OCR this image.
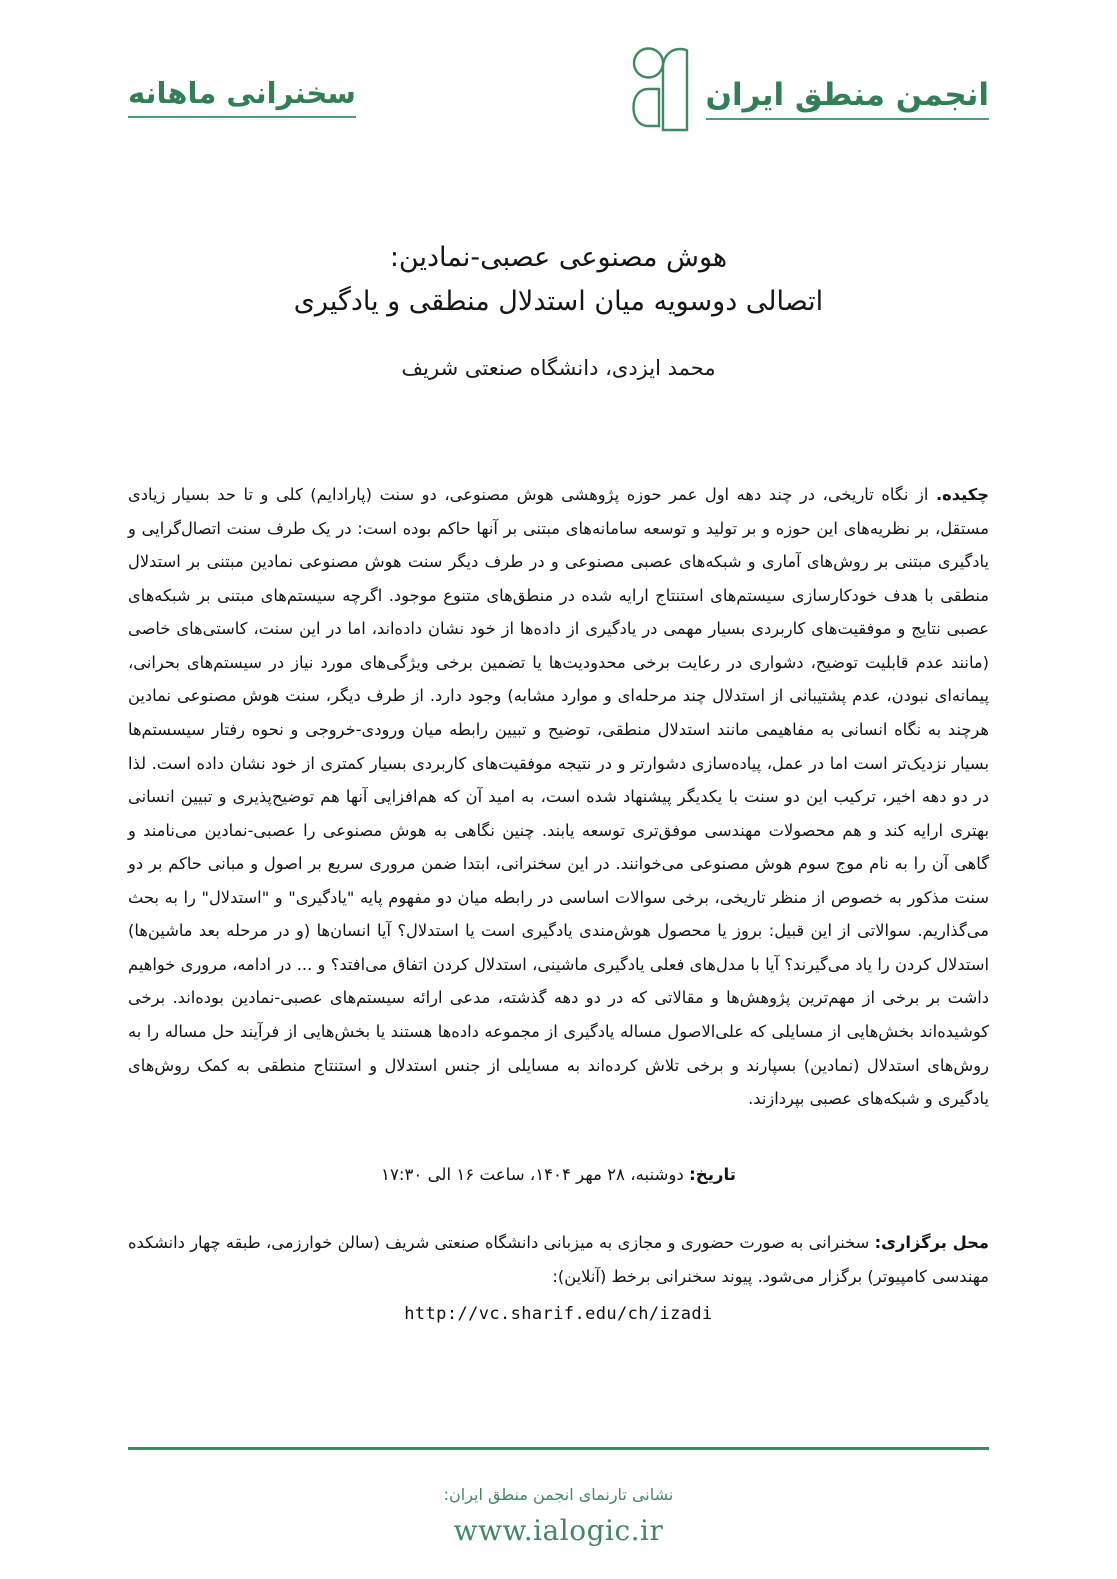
انجمن منطق ایران
سخنرانی ماهانه
هوش مصنوعی عصبی-نمادین:
اتصالی دوسویه میان استدلال منطقی و یادگیری
محمد ایزدی، دانشگاه صنعتی شریف
چکیده. از نگاه تاریخی، در چند دهه اول عمر حوزه پژوهشی هوش مصنوعی، دو سنت (پارادایم) کلی و تا حد بسیار زیادی مستقل، بر نظریه‌های این حوزه و بر تولید و توسعه سامانه‌های مبتنی بر آنها حاکم بوده است: در یک طرف سنت اتصال‌گرایی و یادگیری مبتنی بر روش‌های آماری و شبکه‌های عصبی مصنوعی و در طرف دیگر سنت هوش مصنوعی نمادین مبتنی بر استدلال منطقی با هدف خودکارسازی سیستم‌های استنتاج ارایه شده در منطق‌های متنوع موجود. اگرچه سیستم‌های مبتنی بر شبکه‌های عصبی نتایج و موفقیت‌های کاربردی بسیار مهمی در یادگیری از داده‌ها از خود نشان داده‌اند، اما در این سنت، کاستی‌های خاصی (مانند عدم قابلیت توضیح، دشواری در رعایت برخی محدودیت‌ها یا تضمین برخی ویژگی‌های مورد نیاز در سیستم‌های بحرانی، پیمانه‌ای نبودن، عدم پشتیبانی از استدلال چند مرحله‌ای و موارد مشابه) وجود دارد. از طرف دیگر، سنت هوش مصنوعی نمادین هرچند به نگاه انسانی به مفاهیمی مانند استدلال منطقی، توضیح و تبیین رابطه میان ورودی-خروجی و نحوه رفتار سیسستم‌ها بسیار نزدیک‌تر است اما در عمل، پیاده‌سازی دشوارتر و در نتیجه موفقیت‌های کاربردی بسیار کمتری از خود نشان داده است. لذا در دو دهه اخیر، ترکیب این دو سنت با یکدیگر پیشنهاد شده است، به امید آن که هم‌افزایی آنها هم توضیح‌پذیری و تبیین انسانی بهتری ارایه کند و هم محصولات مهندسی موفق‌تری توسعه یابند. چنین نگاهی به هوش مصنوعی را عصبی-نمادین می‌نامند و گاهی آن را به نام موج سوم هوش مصنوعی می‌خوانند. در این سخنرانی، ابتدا ضمن مروری سریع بر اصول و مبانی حاکم بر دو سنت مذکور به خصوص از منظر تاریخی، برخی سوالات اساسی در رابطه میان دو مفهوم پایه "یادگیری" و "استدلال" را به بحث می‌گذاریم. سوالاتی از این قبیل: بروز یا محصول هوش‌مندی یادگیری است یا استدلال؟ آیا انسان‌ها (و در مرحله بعد ماشین‌ها) استدلال کردن را یاد می‌گیرند؟ آیا با مدل‌های فعلی یادگیری ماشینی، استدلال کردن اتفاق می‌افتد؟ و ... در ادامه، مروری خواهیم داشت بر برخی از مهم‌ترین پژوهش‌ها و مقالاتی که در دو دهه گذشته، مدعی ارائه سیستم‌های عصبی-نمادین بوده‌اند. برخی کوشیده‌اند بخش‌هایی از مسایلی که علی‌الاصول مساله یادگیری از مجموعه داده‌ها هستند یا بخش‌هایی از فرآیند حل مساله را به روش‌های استدلال (نمادین) بسپارند و برخی تلاش کرده‌اند به مسایلی از جنس استدلال و استنتاج منطقی به کمک روش‌های یادگیری و شبکه‌های عصبی بپردازند.
تاریخ: دوشنبه، ۲۸ مهر ۱۴۰۴، ساعت ۱۶ الی ۱۷:۳۰
محل برگزاری: سخنرانی به صورت حضوری و مجازی به میزبانی دانشگاه صنعتی شریف (سالن خوارزمی، طبقه چهار دانشکده مهندسی کامپیوتر) برگزار می‌شود. پیوند سخنرانی برخط (آنلاین):
http://vc.sharif.edu/ch/izadi
نشانی تارنمای انجمن منطق ایران:
www.ialogic.ir
